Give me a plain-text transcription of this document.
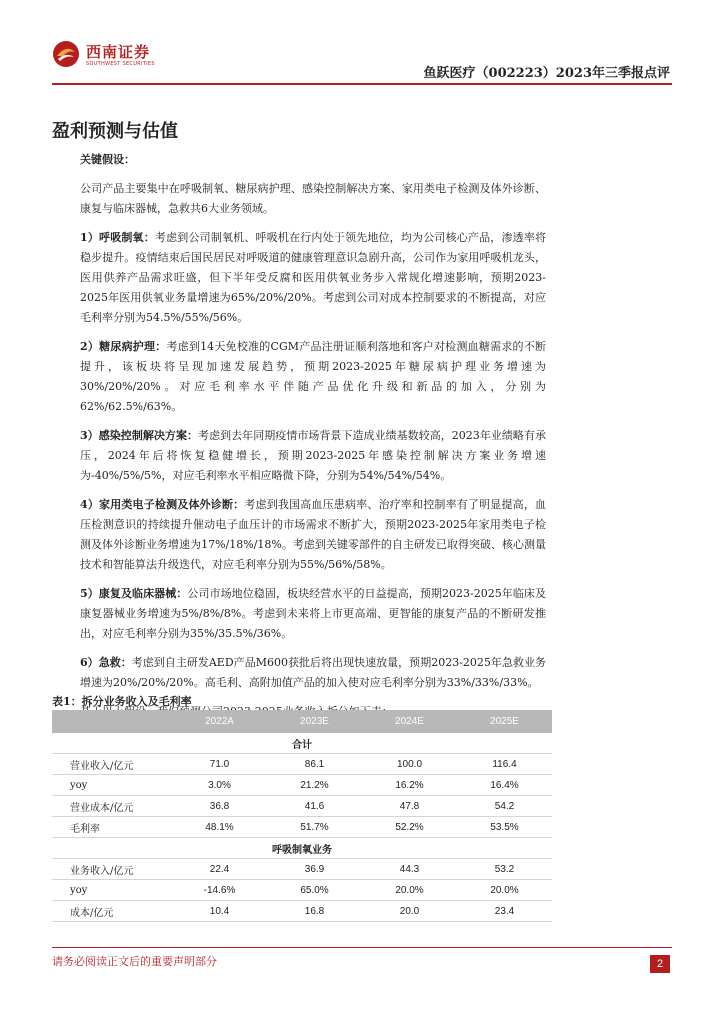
西南证券
SOUTHWEST SECURITIES
鱼跃医疗（002223）2023年三季报点评
盈利预测与估值

关键假设：

公司产品主要集中在呼吸制氧、糖尿病护理、感染控制解决方案、家用类电子检测及体外诊断、康复与临床器械，急救共6大业务领域。

1）呼吸制氧：考虑到公司制氧机、呼吸机在行内处于领先地位，均为公司核心产品，渗透率将稳步提升。疫情结束后国民居民对呼吸道的健康管理意识急剧升高，公司作为家用呼吸机龙头，医用供养产品需求旺盛，但下半年受反腐和医用供氧业务步入常规化增速影响，预期2023-2025年医用供氧业务量增速为65%/20%/20%。考虑到公司对成本控制要求的不断提高，对应毛利率分别为54.5%/55%/56%。

2）糖尿病护理：考虑到14天免校准的CGM产品注册证顺利落地和客户对检测血糖需求的不断提升，该板块将呈现加速发展趋势，预期2023-2025年糖尿病护理业务增速为30%/20%/20%。对应毛利率水平伴随产品优化升级和新品的加入，分别为62%/62.5%/63%。

3）感染控制解决方案：考虑到去年同期疫情市场背景下造成业绩基数较高，2023年业绩略有承压，2024年后将恢复稳健增长，预期2023-2025年感染控制解决方案业务增速为-40%/5%/5%，对应毛利率水平相应略微下降，分别为54%/54%/54%。

4）家用类电子检测及体外诊断：考虑到我国高血压患病率、治疗率和控制率有了明显提高，血压检测意识的持续提升催动电子血压计的市场需求不断扩大，预期2023-2025年家用类电子检测及体外诊断业务增速为17%/18%/18%。考虑到关键零部件的自主研发已取得突破、核心测量技术和智能算法升级迭代，对应毛利率分别为55%/56%/58%。

5）康复及临床器械：公司市场地位稳固，板块经营水平的日益提高，预期2023-2025年临床及康复器械业务增速为5%/8%/8%。考虑到未来将上市更高端、更智能的康复产品的不断研发推出，对应毛利率分别为35%/35.5%/36%。

6）急救：考虑到自主研发AED产品M600获批后将出现快速放量，预期2023-2025年急救业务增速为20%/20%/20%。高毛利、高附加值产品的加入使对应毛利率分别为33%/33%/33%。

表1：拆分业务收入及毛利率
	2022A	2023E	2024E	2025E
合计				
营业收入/亿元	71.0	86.1	100.0	116.4
yoy	3.0%	21.2%	16.2%	16.4%
营业成本/亿元	36.8	41.6	47.8	54.2
毛利率	48.1%	51.7%	52.2%	53.5%
呼吸制氧业务				
业务收入/亿元	22.4	36.9	44.3	53.2
yoy	-14.6%	65.0%	20.0%	20.0%
成本/亿元	10.4	16.8	20.0	23.4
请务必阅读正文后的重要声明部分	2
